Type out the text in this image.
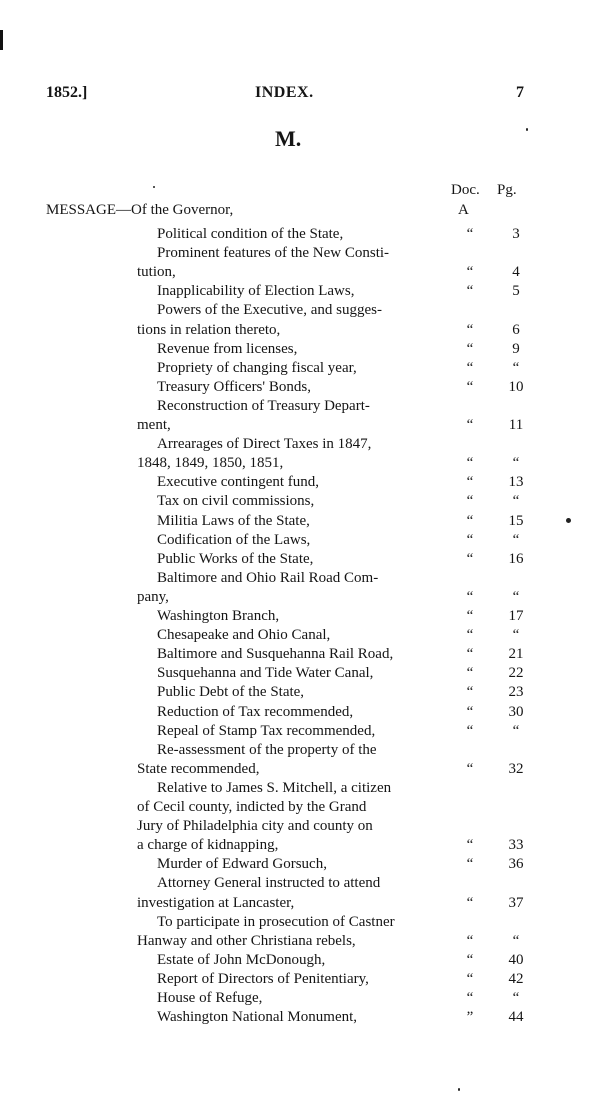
1852.]	INDEX.	7
M.
Doc. Pg.
MESSAGE—Of the Governor,	A
Political condition of the State,	“	3
Prominent features of the New Consti-
tution,	“	4
Inapplicability of Election Laws,	“	5
Powers of the Executive, and sugges-
tions in relation thereto,	“	6
Revenue from licenses,	“	9
Propriety of changing fiscal year,	“	“
Treasury Officers' Bonds,	“	10
Reconstruction of Treasury Depart-
ment,	“	11
Arrearages of Direct Taxes in 1847,
1848, 1849, 1850, 1851,	“	“
Executive contingent fund,	“	13
Tax on civil commissions,	“	“
Militia Laws of the State,	“	15
Codification of the Laws,	“	“
Public Works of the State,	“	16
Baltimore and Ohio Rail Road Com-
pany,	“	“
Washington Branch,	“	17
Chesapeake and Ohio Canal,	“	“
Baltimore and Susquehanna Rail Road,	“	21
Susquehanna and Tide Water Canal,	“	22
Public Debt of the State,	“	23
Reduction of Tax recommended,	“	30
Repeal of Stamp Tax recommended,	“	“
Re-assessment of the property of the
State recommended,	“	32
Relative to James S. Mitchell, a citizen
of Cecil county, indicted by the Grand
Jury of Philadelphia city and county on
a charge of kidnapping,	“	33
Murder of Edward Gorsuch,	“	36
Attorney General instructed to attend
investigation at Lancaster,	“	37
To participate in prosecution of Castner
Hanway and other Christiana rebels,	“	“
Estate of John McDonough,	“	40
Report of Directors of Penitentiary,	“	42
House of Refuge,	“	“
Washington National Monument,	”	44
